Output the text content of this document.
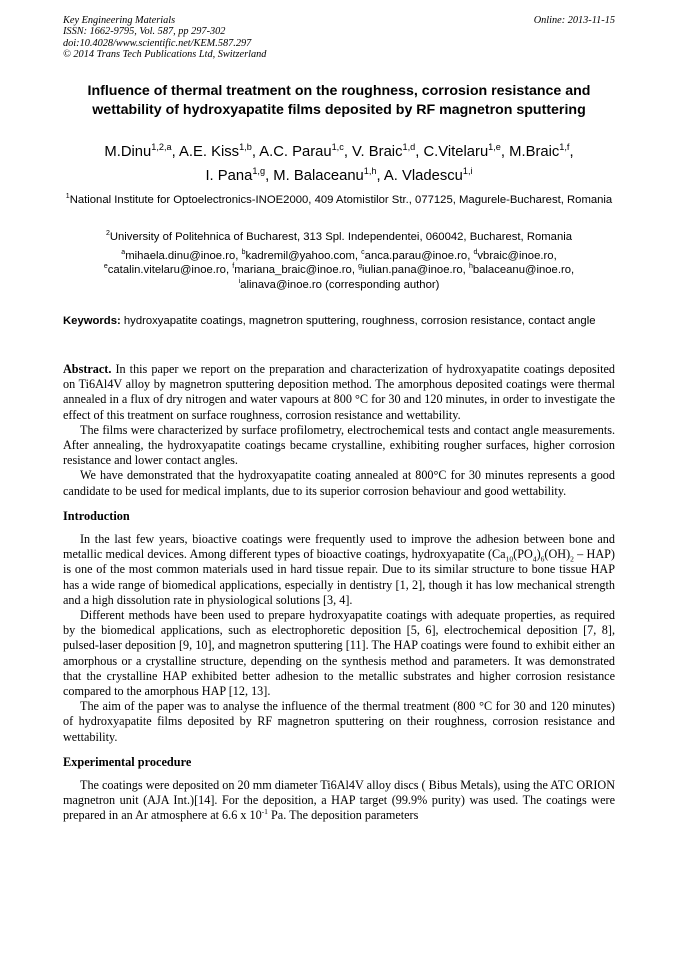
Key Engineering Materials
ISSN: 1662-9795, Vol. 587, pp 297-302
doi:10.4028/www.scientific.net/KEM.587.297
© 2014 Trans Tech Publications Ltd, Switzerland
Online: 2013-11-15
Influence of thermal treatment on the roughness, corrosion resistance and wettability of hydroxyapatite films deposited by RF magnetron sputtering
M.Dinu$^{1,2,a}$, A.E. Kiss$^{1,b}$, A.C. Parau$^{1,c}$, V. Braic$^{1,d}$, C.Vitelaru$^{1,e}$, M.Braic$^{1,f}$,
I. Pana$^{1,g}$, M. Balaceanu$^{1,h}$, A. Vladescu$^{1,i}$
$^1$National Institute for Optoelectronics-INOE2000, 409 Atomistilor Str., 077125, Magurele-Bucharest, Romania
$^2$University of Politehnica of Bucharest, 313 Spl. Independentei, 060042, Bucharest, Romania
$^a$mihaela.dinu@inoe.ro, $^b$kadremil@yahoo.com, $^c$anca.parau@inoe.ro, $^d$vbraic@inoe.ro,
$^e$catalin.vitelaru@inoe.ro, $^f$mariana_braic@inoe.ro, $^g$iulian.pana@inoe.ro, $^h$balaceanu@inoe.ro,
$^i$alinava@inoe.ro (corresponding author)
Keywords: hydroxyapatite coatings, magnetron sputtering, roughness, corrosion resistance, contact angle

Abstract. In this paper we report on the preparation and characterization of hydroxyapatite coatings deposited on Ti6Al4V alloy by magnetron sputtering deposition method. The amorphous deposited coatings were thermal annealed in a flux of dry nitrogen and water vapours at 800 °C for 30 and 120 minutes, in order to investigate the effect of this treatment on surface roughness, corrosion resistance and wettability.

The films were characterized by surface profilometry, electrochemical tests and contact angle measurements. After annealing, the hydroxyapatite coatings became crystalline, exhibiting rougher surfaces, higher corrosion resistance and lower contact angles.

We have demonstrated that the hydroxyapatite coating annealed at 800°C for 30 minutes represents a good candidate to be used for medical implants, due to its superior corrosion behaviour and good wettability.

Introduction

In the last few years, bioactive coatings were frequently used to improve the adhesion between bone and metallic medical devices. Among different types of bioactive coatings, hydroxyapatite $(Ca_{10}(PO_4)_6(OH)_2 - HAP)$ is one of the most common materials used in hard tissue repair. Due to its similar structure to bone tissue HAP has a wide range of biomedical applications, especially in dentistry [1, 2], though it has low mechanical strength and a high dissolution rate in physiological solutions [3, 4].

Different methods have been used to prepare hydroxyapatite coatings with adequate properties, as required by the biomedical applications, such as electrophoretic deposition [5, 6], electrochemical deposition [7, 8], pulsed-laser deposition [9, 10], and magnetron sputtering [11]. The HAP coatings were found to exhibit either an amorphous or a crystalline structure, depending on the synthesis method and parameters. It was demonstrated that the crystalline HAP exhibited better adhesion to the metallic substrates and higher corrosion resistance compared to the amorphous HAP [12, 13].

The aim of the paper was to analyse the influence of the thermal treatment (800 °C for 30 and 120 minutes) of hydroxyapatite films deposited by RF magnetron sputtering on their roughness, corrosion resistance and wettability.

Experimental procedure

The coatings were deposited on 20 mm diameter Ti6Al4V alloy discs ( Bibus Metals), using the ATC ORION magnetron unit (AJA Int.)[14]. For the deposition, a HAP target (99.9% purity) was used. The coatings were prepared in an Ar atmosphere at 6.6 x $10^{-1}$ Pa. The deposition parameters
